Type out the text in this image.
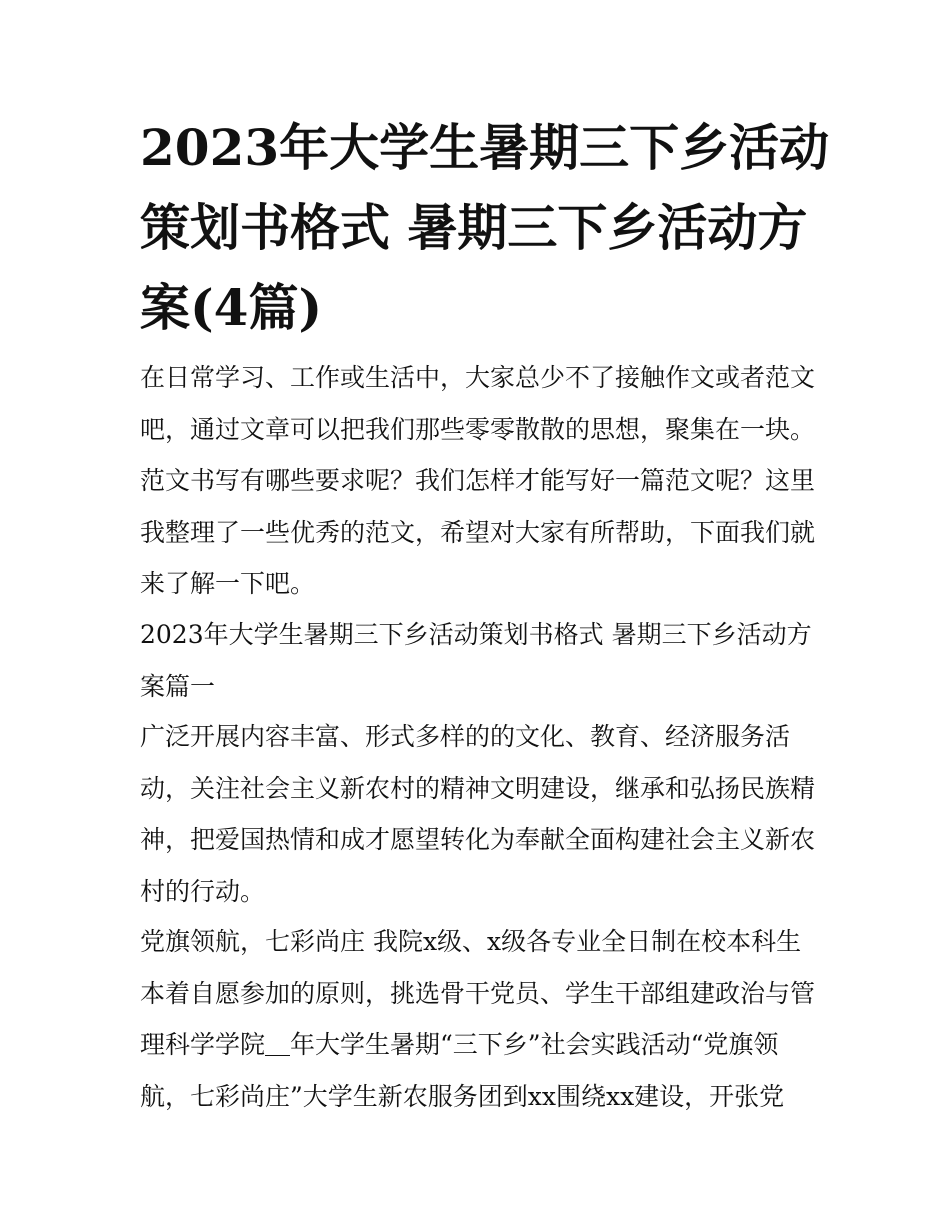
2023年大学生暑期三下乡活动
策划书格式 暑期三下乡活动方
案(4篇)

在日常学习、工作或生活中，大家总少不了接触作文或者范文
吧，通过文章可以把我们那些零零散散的思想，聚集在一块。
范文书写有哪些要求呢？我们怎样才能写好一篇范文呢？这里
我整理了一些优秀的范文，希望对大家有所帮助，下面我们就
来了解一下吧。

2023年大学生暑期三下乡活动策划书格式 暑期三下乡活动方
案篇一

广泛开展内容丰富、形式多样的的文化、教育、经济服务活
动，关注社会主义新农村的精神文明建设，继承和弘扬民族精
神，把爱国热情和成才愿望转化为奉献全面构建社会主义新农
村的行动。

党旗领航，七彩尚庄 我院x级、x级各专业全日制在校本科生
本着自愿参加的原则，挑选骨干党员、学生干部组建政治与管
理科学学院＿年大学生暑期“三下乡”社会实践活动“党旗领
航，七彩尚庄”大学生新农服务团到xx围绕xx建设，开张党
